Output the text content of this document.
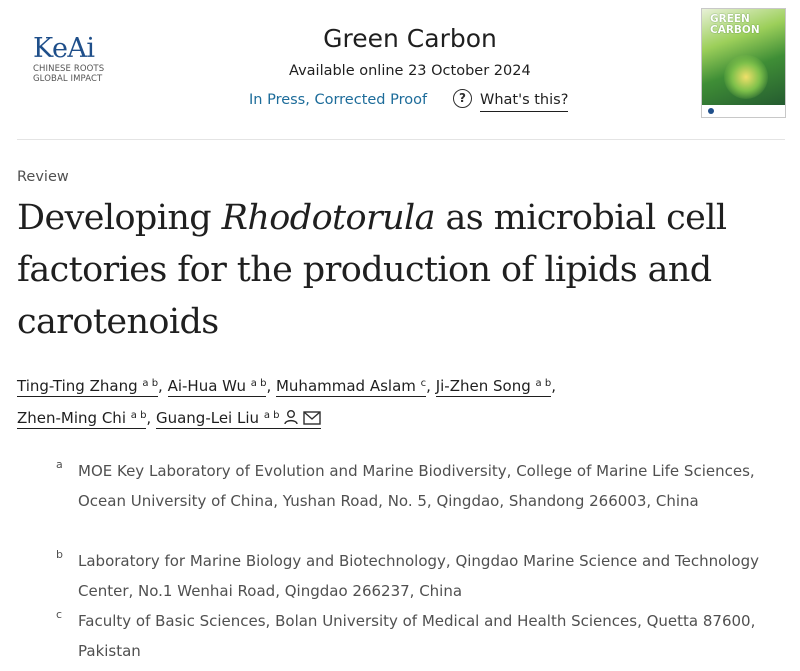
KeAi
CHINESE ROOTS
GLOBAL IMPACT
Green Carbon
Available online 23 October 2024
In Press, Corrected Proof	? What's this?
GREEN
CARBON
Review
Developing Rhodotorula as microbial cell factories for the production of lipids and carotenoids
Ting-Ting Zhang $^{a b}$, Ai-Hua Wu $^{a b}$, Muhammad Aslam $^c$, Ji-Zhen Song $^{a b}$,
Zhen-Ming Chi $^{a b}$, Guang-Lei Liu $^{a b}$
a MOE Key Laboratory of Evolution and Marine Biodiversity, College of Marine Life Sciences, Ocean University of China, Yushan Road, No. 5, Qingdao, Shandong 266003, China
b Laboratory for Marine Biology and Biotechnology, Qingdao Marine Science and Technology Center, No.1 Wenhai Road, Qingdao 266237, China
c Faculty of Basic Sciences, Bolan University of Medical and Health Sciences, Quetta 87600, Pakistan
